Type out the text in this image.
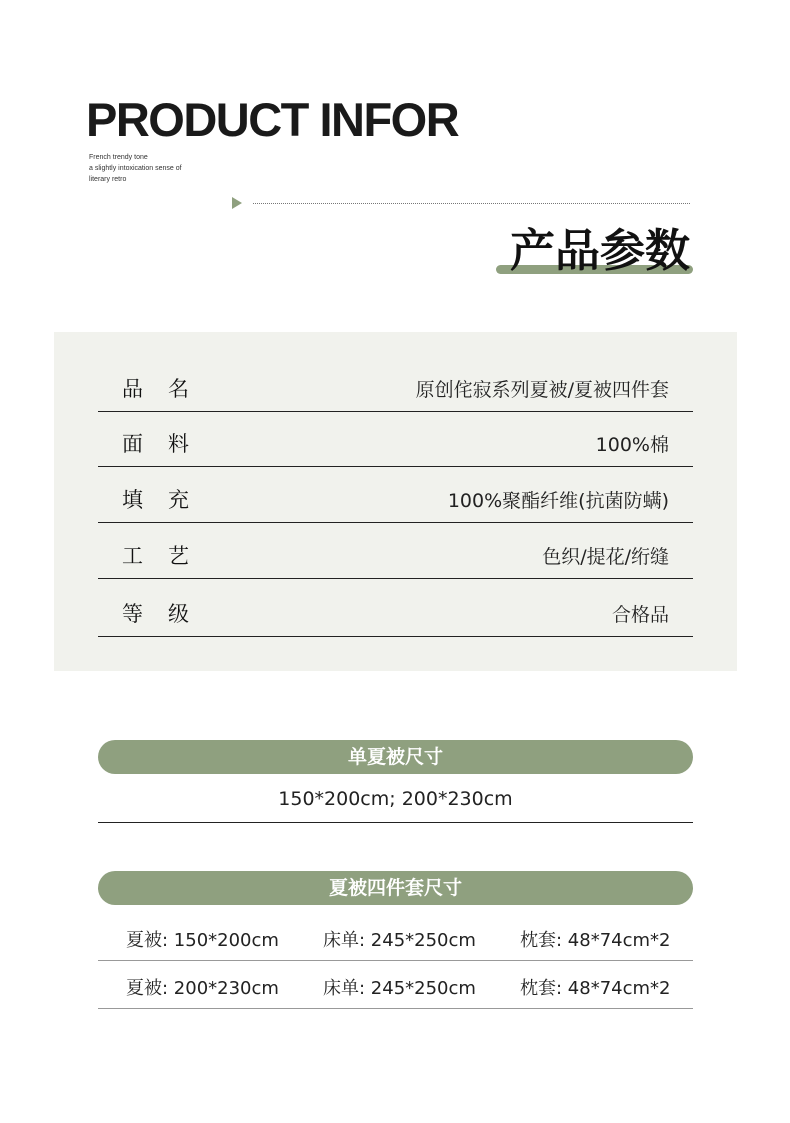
PRODUCT INFOR
French trendy tone
a slightly intoxication sense of
literary retro
产品参数
品名	原创侘寂系列夏被/夏被四件套
面料	100%棉
填充	100%聚酯纤维(抗菌防螨)
工艺	色织/提花/绗缝
等级	合格品
单夏被尺寸
150*200cm; 200*230cm
夏被四件套尺寸
夏被: 150*200cm 床单: 245*250cm 枕套: 48*74cm*2
夏被: 200*230cm 床单: 245*250cm 枕套: 48*74cm*2
